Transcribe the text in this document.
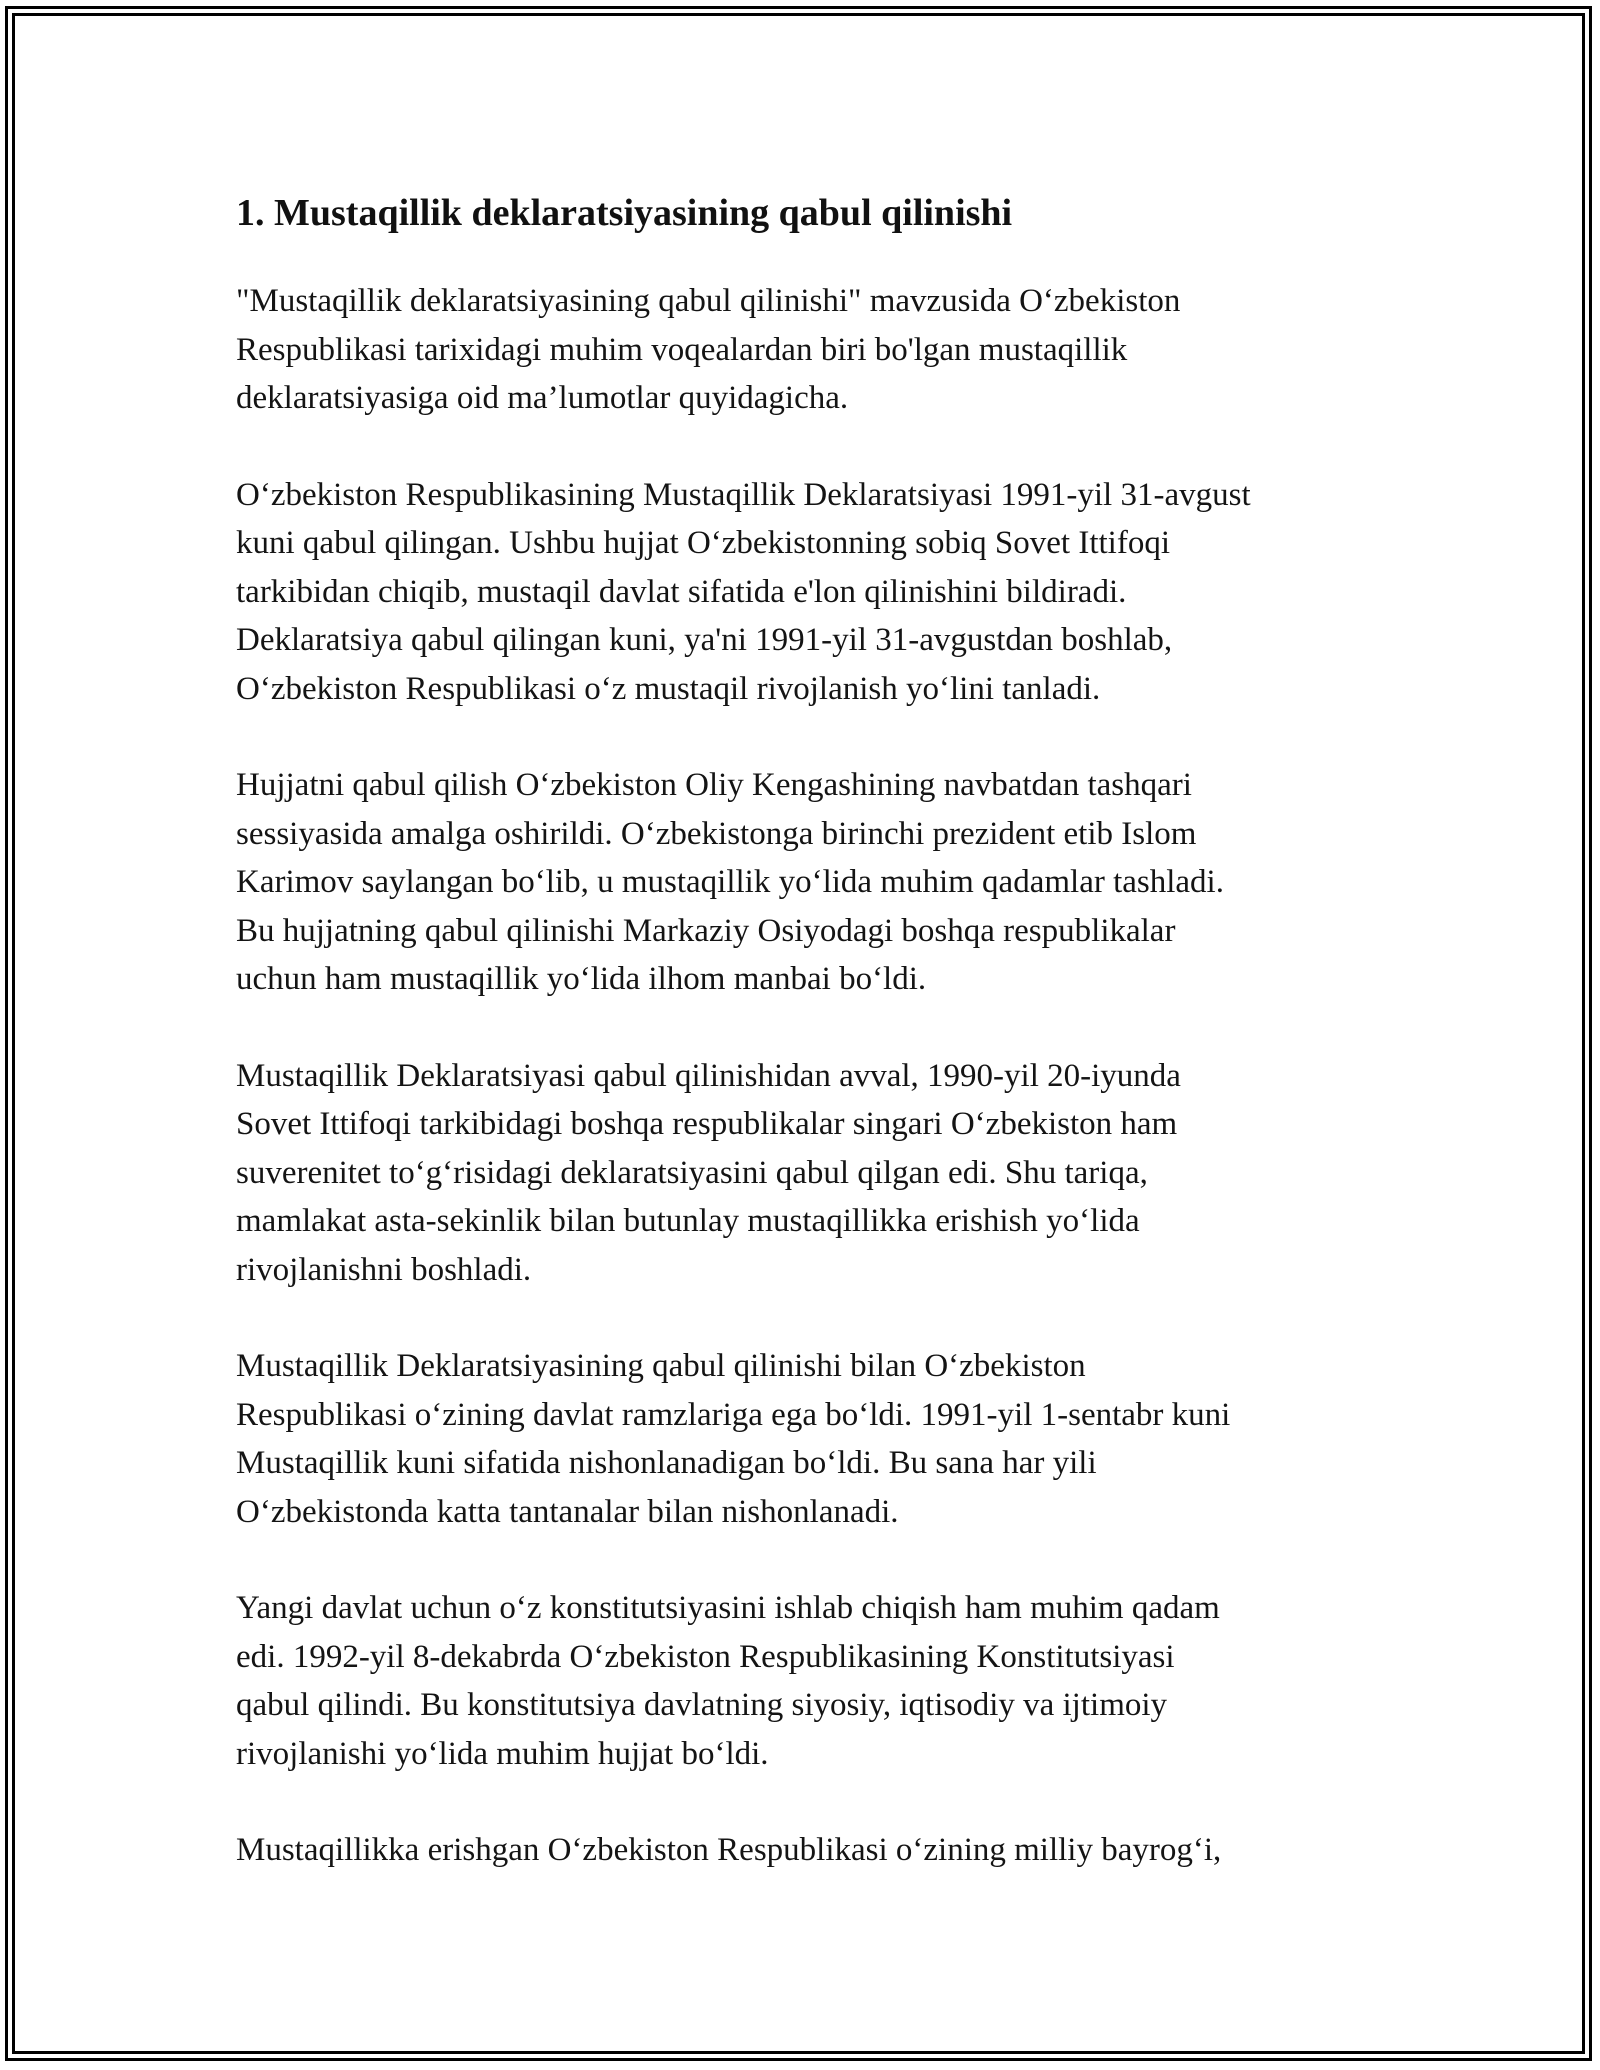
1. Mustaqillik deklaratsiyasining qabul qilinishi

"Mustaqillik deklaratsiyasining qabul qilinishi" mavzusida O‘zbekiston
Respublikasi tarixidagi muhim voqealardan biri bo'lgan mustaqillik
deklaratsiyasiga oid ma’lumotlar quyidagicha.

O‘zbekiston Respublikasining Mustaqillik Deklaratsiyasi 1991-yil 31-avgust
kuni qabul qilingan. Ushbu hujjat O‘zbekistonning sobiq Sovet Ittifoqi
tarkibidan chiqib, mustaqil davlat sifatida e'lon qilinishini bildiradi.
Deklaratsiya qabul qilingan kuni, ya'ni 1991-yil 31-avgustdan boshlab,
O‘zbekiston Respublikasi o‘z mustaqil rivojlanish yo‘lini tanladi.

Hujjatni qabul qilish O‘zbekiston Oliy Kengashining navbatdan tashqari
sessiyasida amalga oshirildi. O‘zbekistonga birinchi prezident etib Islom
Karimov saylangan bo‘lib, u mustaqillik yo‘lida muhim qadamlar tashladi.
Bu hujjatning qabul qilinishi Markaziy Osiyodagi boshqa respublikalar
uchun ham mustaqillik yo‘lida ilhom manbai bo‘ldi.

Mustaqillik Deklaratsiyasi qabul qilinishidan avval, 1990-yil 20-iyunda
Sovet Ittifoqi tarkibidagi boshqa respublikalar singari O‘zbekiston ham
suverenitet to‘g‘risidagi deklaratsiyasini qabul qilgan edi. Shu tariqa,
mamlakat asta-sekinlik bilan butunlay mustaqillikka erishish yo‘lida
rivojlanishni boshladi.

Mustaqillik Deklaratsiyasining qabul qilinishi bilan O‘zbekiston
Respublikasi o‘zining davlat ramzlariga ega bo‘ldi. 1991-yil 1-sentabr kuni
Mustaqillik kuni sifatida nishonlanadigan bo‘ldi. Bu sana har yili
O‘zbekistonda katta tantanalar bilan nishonlanadi.

Yangi davlat uchun o‘z konstitutsiyasini ishlab chiqish ham muhim qadam
edi. 1992-yil 8-dekabrda O‘zbekiston Respublikasining Konstitutsiyasi
qabul qilindi. Bu konstitutsiya davlatning siyosiy, iqtisodiy va ijtimoiy
rivojlanishi yo‘lida muhim hujjat bo‘ldi.

Mustaqillikka erishgan O‘zbekiston Respublikasi o‘zining milliy bayrog‘i,
